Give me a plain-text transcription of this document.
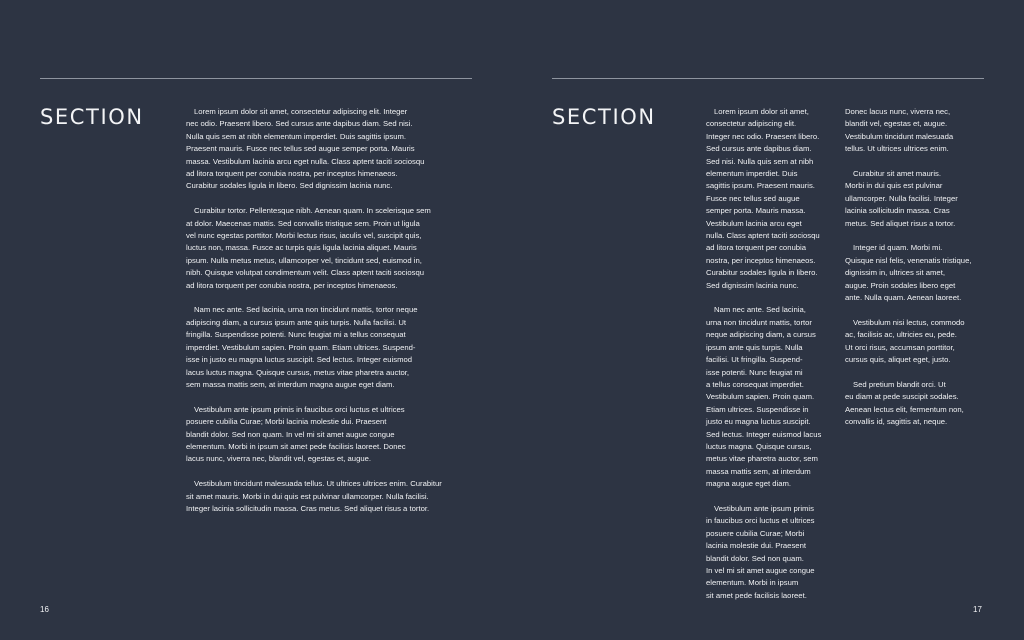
SECTION	Lorem ipsum dolor sit amet, consectetur adipiscing elit. Integer
nec odio. Praesent libero. Sed cursus ante dapibus diam. Sed nisi.
Nulla quis sem at nibh elementum imperdiet. Duis sagittis ipsum.
Praesent mauris. Fusce nec tellus sed augue semper porta. Mauris
massa. Vestibulum lacinia arcu eget nulla. Class aptent taciti sociosqu
ad litora torquent per conubia nostra, per inceptos himenaeos.
Curabitur sodales ligula in libero. Sed dignissim lacinia nunc.

Curabitur tortor. Pellentesque nibh. Aenean quam. In scelerisque sem
at dolor. Maecenas mattis. Sed convallis tristique sem. Proin ut ligula
vel nunc egestas porttitor. Morbi lectus risus, iaculis vel, suscipit quis,
luctus non, massa. Fusce ac turpis quis ligula lacinia aliquet. Mauris
ipsum. Nulla metus metus, ullamcorper vel, tincidunt sed, euismod in,
nibh. Quisque volutpat condimentum velit. Class aptent taciti sociosqu
ad litora torquent per conubia nostra, per inceptos himenaeos.

Nam nec ante. Sed lacinia, urna non tincidunt mattis, tortor neque
adipiscing diam, a cursus ipsum ante quis turpis. Nulla facilisi. Ut
fringilla. Suspendisse potenti. Nunc feugiat mi a tellus consequat
imperdiet. Vestibulum sapien. Proin quam. Etiam ultrices. Suspend-
isse in justo eu magna luctus suscipit. Sed lectus. Integer euismod
lacus luctus magna. Quisque cursus, metus vitae pharetra auctor,
sem massa mattis sem, at interdum magna augue eget diam.

Vestibulum ante ipsum primis in faucibus orci luctus et ultrices
posuere cubilia Curae; Morbi lacinia molestie dui. Praesent
blandit dolor. Sed non quam. In vel mi sit amet augue congue
elementum. Morbi in ipsum sit amet pede facilisis laoreet. Donec
lacus nunc, viverra nec, blandit vel, egestas et, augue.

Vestibulum tincidunt malesuada tellus. Ut ultrices ultrices enim. Curabitur
sit amet mauris. Morbi in dui quis est pulvinar ullamcorper. Nulla facilisi.
Integer lacinia sollicitudin massa. Cras metus. Sed aliquet risus a tortor.

16
SECTION	Lorem ipsum dolor sit amet,
consectetur adipiscing elit.
Integer nec odio. Praesent libero.
Sed cursus ante dapibus diam.
Sed nisi. Nulla quis sem at nibh
elementum imperdiet. Duis
sagittis ipsum. Praesent mauris.
Fusce nec tellus sed augue
semper porta. Mauris massa.
Vestibulum lacinia arcu eget
nulla. Class aptent taciti sociosqu
ad litora torquent per conubia
nostra, per inceptos himenaeos.
Curabitur sodales ligula in libero.
Sed dignissim lacinia nunc.

Nam nec ante. Sed lacinia,
urna non tincidunt mattis, tortor
neque adipiscing diam, a cursus
ipsum ante quis turpis. Nulla
facilisi. Ut fringilla. Suspend-
isse potenti. Nunc feugiat mi
a tellus consequat imperdiet.
Vestibulum sapien. Proin quam.
Etiam ultrices. Suspendisse in
justo eu magna luctus suscipit.
Sed lectus. Integer euismod lacus
luctus magna. Quisque cursus,
metus vitae pharetra auctor, sem
massa mattis sem, at interdum
magna augue eget diam.

Vestibulum ante ipsum primis
in faucibus orci luctus et ultrices
posuere cubilia Curae; Morbi
lacinia molestie dui. Praesent
blandit dolor. Sed non quam.
In vel mi sit amet augue congue
elementum. Morbi in ipsum
sit amet pede facilisis laoreet.

Donec lacus nunc, viverra nec,
blandit vel, egestas et, augue.
Vestibulum tincidunt malesuada
tellus. Ut ultrices ultrices enim.

Curabitur sit amet mauris.
Morbi in dui quis est pulvinar
ullamcorper. Nulla facilisi. Integer
lacinia sollicitudin massa. Cras
metus. Sed aliquet risus a tortor.

Integer id quam. Morbi mi.
Quisque nisl felis, venenatis tristique,
dignissim in, ultrices sit amet,
augue. Proin sodales libero eget
ante. Nulla quam. Aenean laoreet.

Vestibulum nisi lectus, commodo
ac, facilisis ac, ultricies eu, pede.
Ut orci risus, accumsan porttitor,
cursus quis, aliquet eget, justo.

Sed pretium blandit orci. Ut
eu diam at pede suscipit sodales.
Aenean lectus elit, fermentum non,
convallis id, sagittis at, neque.

17
